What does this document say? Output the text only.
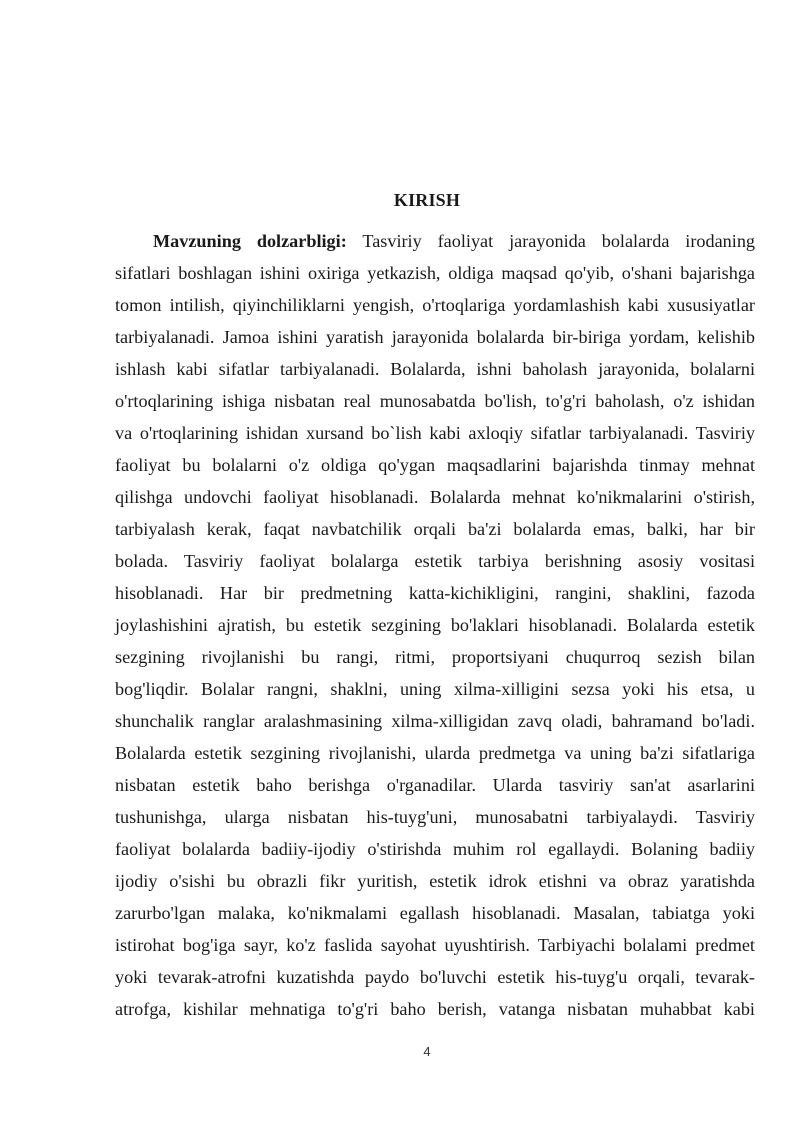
KIRISH
Mavzuning dolzarbligi: Tasviriy faoliyat jarayonida bolalarda irodaning
sifatlari boshlagan ishini oxiriga yetkazish, oldiga maqsad qo'yib, o'shani bajarishga
tomon intilish, qiyinchiliklarni yengish, o'rtoqlariga yordamlashish kabi xususiyatlar
tarbiyalanadi. Jamoa ishini yaratish jarayonida bolalarda bir-biriga yordam, kelishib
ishlash kabi sifatlar tarbiyalanadi. Bolalarda, ishni baholash jarayonida, bolalarni
o'rtoqlarining ishiga nisbatan real munosabatda bo'lish, to'g'ri baholash, o'z ishidan
va o'rtoqlarining ishidan xursand bo`lish kabi axloqiy sifatlar tarbiyalanadi. Tasviriy
faoliyat bu bolalarni o'z oldiga qo'ygan maqsadlarini bajarishda tinmay mehnat
qilishga undovchi faoliyat hisoblanadi. Bolalarda mehnat ko'nikmalarini o'stirish,
tarbiyalash kerak, faqat navbatchilik orqali ba'zi bolalarda emas, balki, har bir
bolada. Tasviriy faoliyat bolalarga estetik tarbiya berishning asosiy vositasi
hisoblanadi. Har bir predmetning katta-kichikligini, rangini, shaklini, fazoda
joylashishini ajratish, bu estetik sezgining bo'laklari hisoblanadi. Bolalarda estetik
sezgining rivojlanishi bu rangi, ritmi, proportsiyani chuqurroq sezish bilan
bog'liqdir. Bolalar rangni, shaklni, uning xilma-xilligini sezsa yoki his etsa, u
shunchalik ranglar aralashmasining xilma-xilligidan zavq oladi, bahramand bo'ladi.
Bolalarda estetik sezgining rivojlanishi, ularda predmetga va uning ba'zi sifatlariga
nisbatan estetik baho berishga o'rganadilar. Ularda tasviriy san'at asarlarini
tushunishga, ularga nisbatan his-tuyg'uni, munosabatni tarbiyalaydi. Tasviriy
faoliyat bolalarda badiiy-ijodiy o'stirishda muhim rol egallaydi. Bolaning badiiy
ijodiy o'sishi bu obrazli fikr yuritish, estetik idrok etishni va obraz yaratishda
zarurbo'lgan malaka, ko'nikmalami egallash hisoblanadi. Masalan, tabiatga yoki
istirohat bog'iga sayr, ko'z faslida sayohat uyushtirish. Tarbiyachi bolalami predmet
yoki tevarak-atrofni kuzatishda paydo bo'luvchi estetik his-tuyg'u orqali, tevarak-
atrofga, kishilar mehnatiga to'g'ri baho berish, vatanga nisbatan muhabbat kabi
4
